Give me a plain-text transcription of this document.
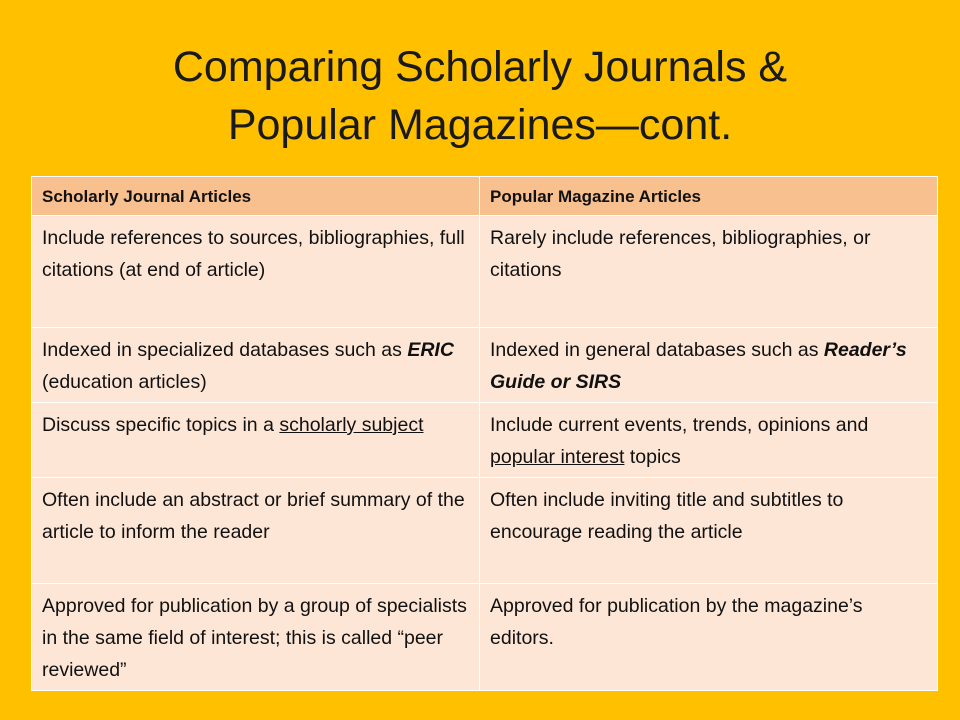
Comparing Scholarly Journals &
Popular Magazines—cont.
Scholarly Journal Articles	Popular Magazine Articles
Include references to sources, bibliographies, full citations (at end of article)	Rarely include references, bibliographies, or citations
Indexed in specialized databases such as ERIC (education articles)	Indexed in general databases such as Reader’s Guide or SIRS
Discuss specific topics in a scholarly subject	Include current events, trends, opinions and popular interest topics
Often include an abstract or brief summary of the article to inform the reader	Often include inviting title and subtitles to encourage reading the article
Approved for publication by a group of specialists in the same field of interest; this is called “peer reviewed”	Approved for publication by the magazine’s editors.
